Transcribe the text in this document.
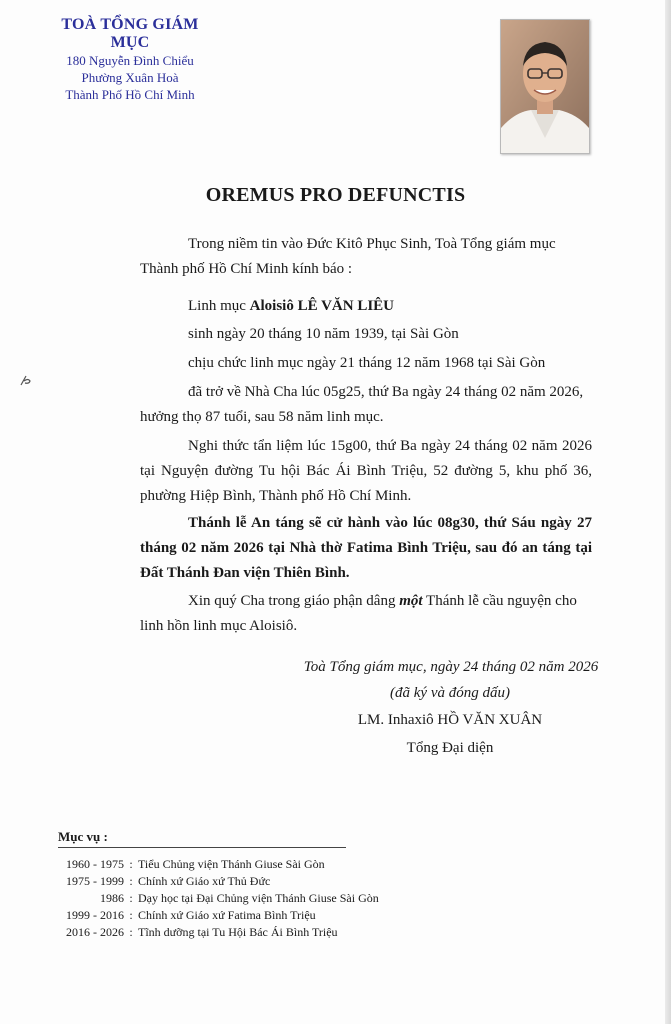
TOÀ TỔNG GIÁM MỤC
180 Nguyễn Đình Chiểu
Phường Xuân Hoà
Thành Phố Hồ Chí Minh
OREMUS PRO DEFUNCTIS
Trong niềm tin vào Đức Kitô Phục Sinh, Toà Tổng giám mục Thành phố Hồ Chí Minh kính báo :
Linh mục Aloisiô LÊ VĂN LIÊU
sinh ngày 20 tháng 10 năm 1939, tại Sài Gòn
chịu chức linh mục ngày 21 tháng 12 năm 1968 tại Sài Gòn
đã trở về Nhà Cha lúc 05g25, thứ Ba ngày 24 tháng 02 năm 2026, hưởng thọ 87 tuổi, sau 58 năm linh mục.
Nghi thức tẩn liệm lúc 15g00, thứ Ba ngày 24 tháng 02 năm 2026 tại Nguyện đường Tu hội Bác Ái Bình Triệu, 52 đường 5, khu phố 36, phường Hiệp Bình, Thành phố Hồ Chí Minh.
Thánh lễ An táng sẽ cử hành vào lúc 08g30, thứ Sáu ngày 27 tháng 02 năm 2026 tại Nhà thờ Fatima Bình Triệu, sau đó an táng tại Đất Thánh Đan viện Thiên Bình.
Xin quý Cha trong giáo phận dâng một Thánh lễ cầu nguyện cho linh hồn linh mục Aloisiô.
Toà Tổng giám mục, ngày 24 tháng 02 năm 2026
(đã ký và đóng dấu)
LM. Inhaxiô HỒ VĂN XUÂN
Tổng Đại diện
Mục vụ :
1960 - 1975 : Tiểu Chủng viện Thánh Giuse Sài Gòn
1975 - 1999 : Chính xứ Giáo xứ Thủ Đức
1986 : Dạy học tại Đại Chủng viện Thánh Giuse Sài Gòn
1999 - 2016 : Chính xứ Giáo xứ Fatima Bình Triệu
2016 - 2026 : Tĩnh dưỡng tại Tu Hội Bác Ái Bình Triệu
